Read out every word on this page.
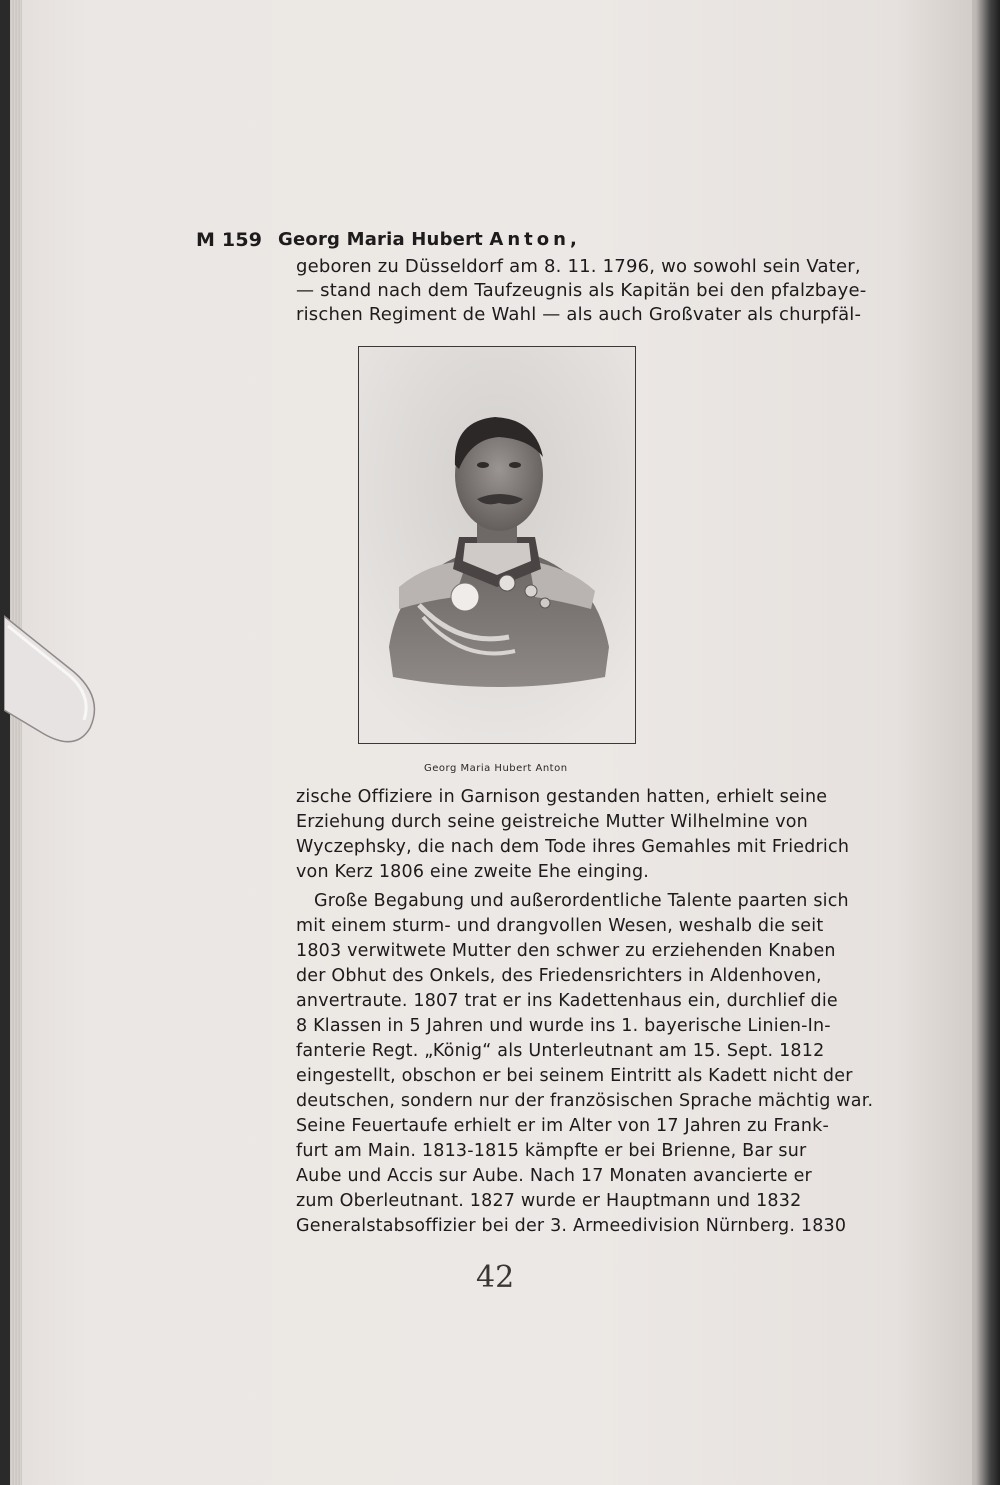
M 159 Georg Maria Hubert Anton,
geboren zu Düsseldorf am 8. 11. 1796, wo sowohl sein Vater,
— stand nach dem Taufzeugnis als Kapitän bei den pfalzbaye-
rischen Regiment de Wahl — als auch Großvater als churpfäl-
Georg Maria Hubert Anton
zische Offiziere in Garnison gestanden hatten, erhielt seine
Erziehung durch seine geistreiche Mutter Wilhelmine von
Wyczephsky, die nach dem Tode ihres Gemahles mit Friedrich
von Kerz 1806 eine zweite Ehe einging.
Große Begabung und außerordentliche Talente paarten sich
mit einem sturm- und drangvollen Wesen, weshalb die seit
1803 verwitwete Mutter den schwer zu erziehenden Knaben
der Obhut des Onkels, des Friedensrichters in Aldenhoven,
anvertraute. 1807 trat er ins Kadettenhaus ein, durchlief die
8 Klassen in 5 Jahren und wurde ins 1. bayerische Linien-In-
fanterie Regt. „König“ als Unterleutnant am 15. Sept. 1812
eingestellt, obschon er bei seinem Eintritt als Kadett nicht der
deutschen, sondern nur der französischen Sprache mächtig war.
Seine Feuertaufe erhielt er im Alter von 17 Jahren zu Frank-
furt am Main. 1813-1815 kämpfte er bei Brienne, Bar sur
Aube und Accis sur Aube. Nach 17 Monaten avancierte er
zum Oberleutnant. 1827 wurde er Hauptmann und 1832
Generalstabsoffizier bei der 3. Armeedivision Nürnberg. 1830
42
